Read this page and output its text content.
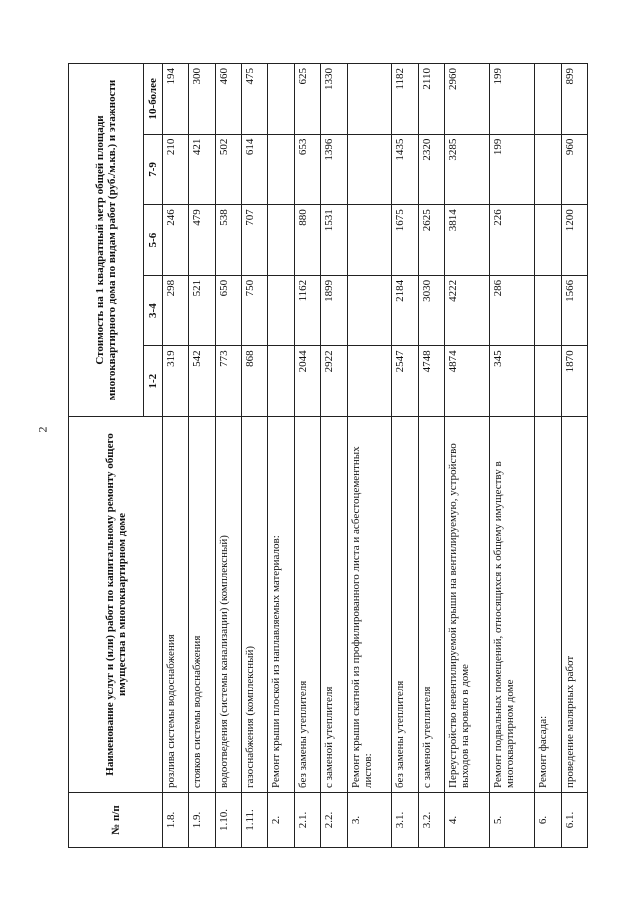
2
№ п/п	Наименование услуг и (или) работ по капитальному ремонту общего имущества в многоквартирном доме	Стоимость на 1 квадратный метр общей площади многоквартирного дома по видам работ (руб./м.кв.) и этажности				
		1-2	3-4	5-6	7-9	10-более
1.8.	розлива системы водоснабжения	319	298	246	210	194
1.9.	стояков системы водоснабжения	542	521	479	421	300
1.10.	водоотведения (системы канализации) (комплексный)	773	650	538	502	460
1.11.	газоснабжения (комплексный)	868	750	707	614	475
2.	Ремонт крыши плоской из наплавляемых материалов:					
2.1.	без замены утеплителя	2044	1162	880	653	625
2.2.	с заменой утеплителя	2922	1899	1531	1396	1330
3.	Ремонт крыши скатной из профилированного листа и асбестоцементных листов:					
3.1.	без замены утеплителя	2547	2184	1675	1435	1182
3.2.	с заменой утеплителя	4748	3030	2625	2320	2110
4.	Переустройство невентилируемой крыши на вентилируемую, устройство выходов на кровлю в доме	4874	4222	3814	3285	2960
5.	Ремонт подвальных помещений, относящихся к общему имуществу в многоквартирном доме	345	286	226	199	199
6.	Ремонт фасада:					
6.1.	проведение малярных работ	1870	1566	1200	960	899
